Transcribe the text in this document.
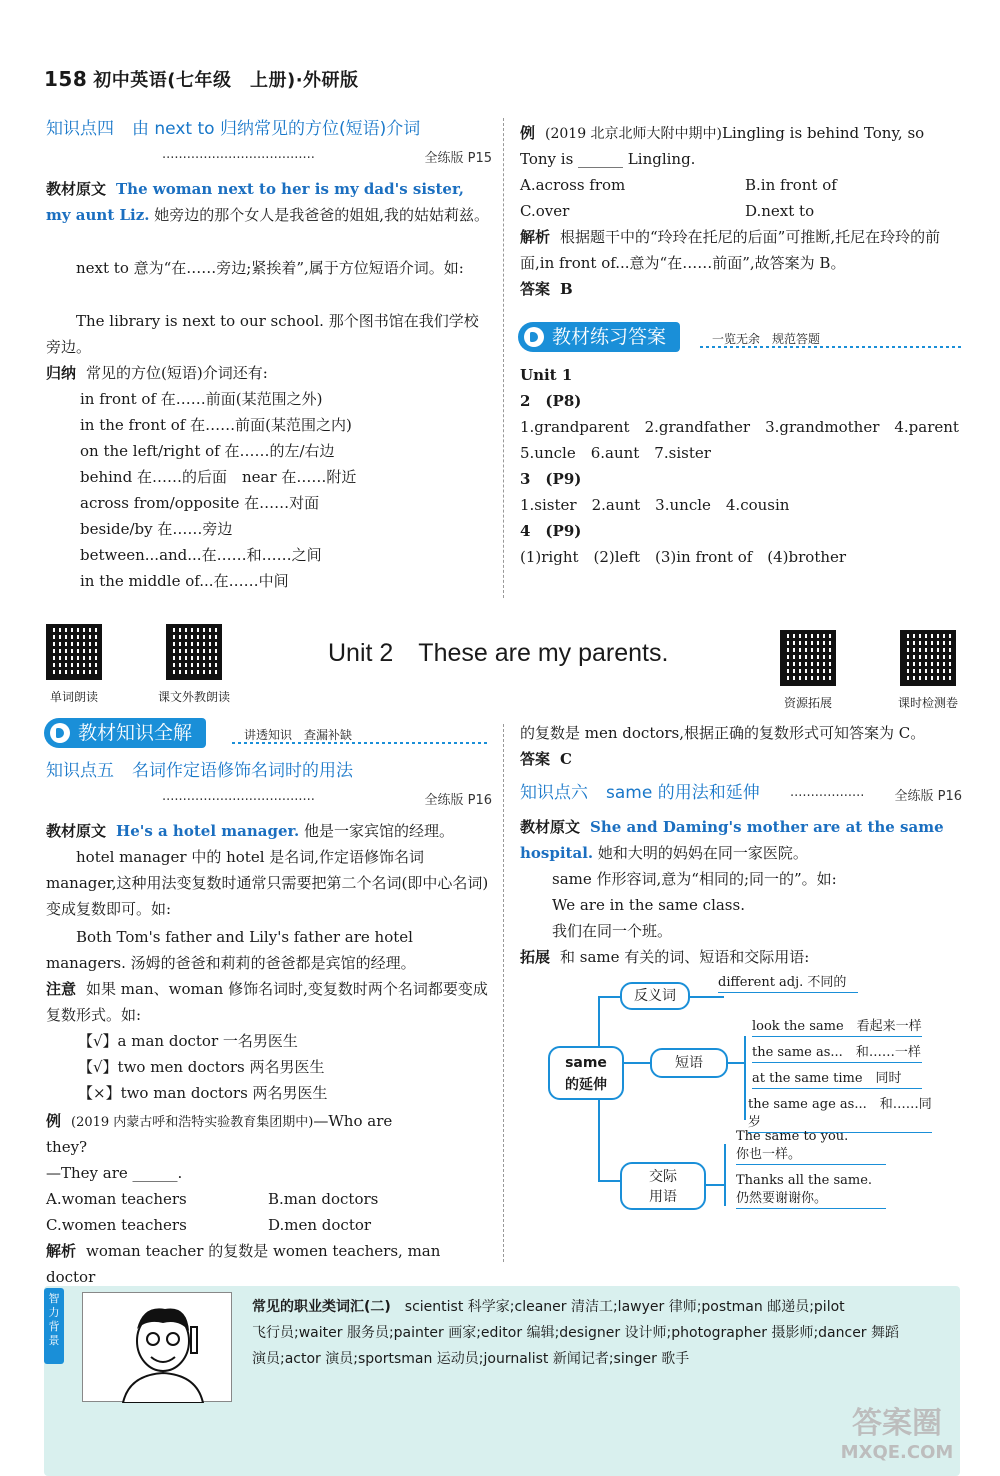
158 初中英语(七年级　上册)·外研版
知识点四 由 next to 归纳常见的方位(短语)介词
·····································	全练版 P15
教材原文 The woman next to her is my dad's sister, my aunt Liz. 她旁边的那个女人是我爸爸的姐姐,我的姑姑莉兹。
next to 意为“在……旁边;紧挨着”,属于方位短语介词。如:
The library is next to our school. 那个图书馆在我们学校旁边。
归纳 常见的方位(短语)介词还有:
in front of 在……前面(某范围之外)
in the front of 在……前面(某范围之内)
on the left/right of 在……的左/右边
behind 在……的后面　near 在……附近
across from/opposite 在……对面
beside/by 在……旁边
between...and...在……和……之间
in the middle of...在……中间
例 (2019 北京北师大附中期中)Lingling is behind Tony, so
Tony is ______ Lingling.
A.across from	B.in front of
C.over	D.next to
解析 根据题干中的“玲玲在托尼的后面”可推断,托尼在玲玲的前面,in front of...意为“在……前面”,故答案为 B。
答案 B
教材练习答案	一览无余　规范答题
Unit 1
2　(P8)
1.grandparent　2.grandfather　3.grandmother　4.parent
5.uncle　6.aunt　7.sister
3　(P9)
1.sister　2.aunt　3.uncle　4.cousin
4　(P9)
(1)right　(2)left　(3)in front of　(4)brother
单词朗读	课文外教朗读
Unit 2　These are my parents.
资源拓展	课时检测卷
教材知识全解	讲透知识　查漏补缺
知识点五 名词作定语修饰名词时的用法
·····································	全练版 P16
教材原文 He's a hotel manager. 他是一家宾馆的经理。
hotel manager 中的 hotel 是名词,作定语修饰名词 manager,这种用法变复数时通常只需要把第二个名词(即中心名词)变成复数即可。如:
Both Tom's father and Lily's father are hotel managers. 汤姆的爸爸和莉莉的爸爸都是宾馆的经理。
注意 如果 man、woman 修饰名词时,变复数时两个名词都要变成复数形式。如:
【√】a man doctor 一名男医生
【√】two men doctors 两名男医生
【×】two man doctors 两名男医生
例 (2019 内蒙古呼和浩特实验教育集团期中)—Who are
they?
—They are ______.
A.woman teachers	B.man doctors
C.women teachers	D.men doctor
解析 woman teacher 的复数是 women teachers, man doctor
的复数是 men doctors,根据正确的复数形式可知答案为 C。
答案 C
知识点六 same 的用法和延伸 ··················	全练版 P16
教材原文 She and Daming's mother are at the same hospital. 她和大明的妈妈在同一家医院。
same 作形容词,意为“相同的;同一的”。如:
We are in the same class.
我们在同一个班。
拓展 和 same 有关的词、短语和交际用语:
same
的延伸
反义词
different adj. 不同的
短语
look the same　看起来一样
the same as...　和……一样
at the same time　同时
the same age as...　和……同岁
交际
用语
The same to you.
你也一样。
Thanks all the same.
仍然要谢谢你。
智力背景
常见的职业类词汇(二)　 scientist 科学家;cleaner 清洁工;lawyer 律师;postman 邮递员;pilot
飞行员;waiter 服务员;painter 画家;editor 编辑;designer 设计师;photographer 摄影师;dancer 舞蹈
演员;actor 演员;sportsman 运动员;journalist 新闻记者;singer 歌手
答案圈
MXQE.COM
